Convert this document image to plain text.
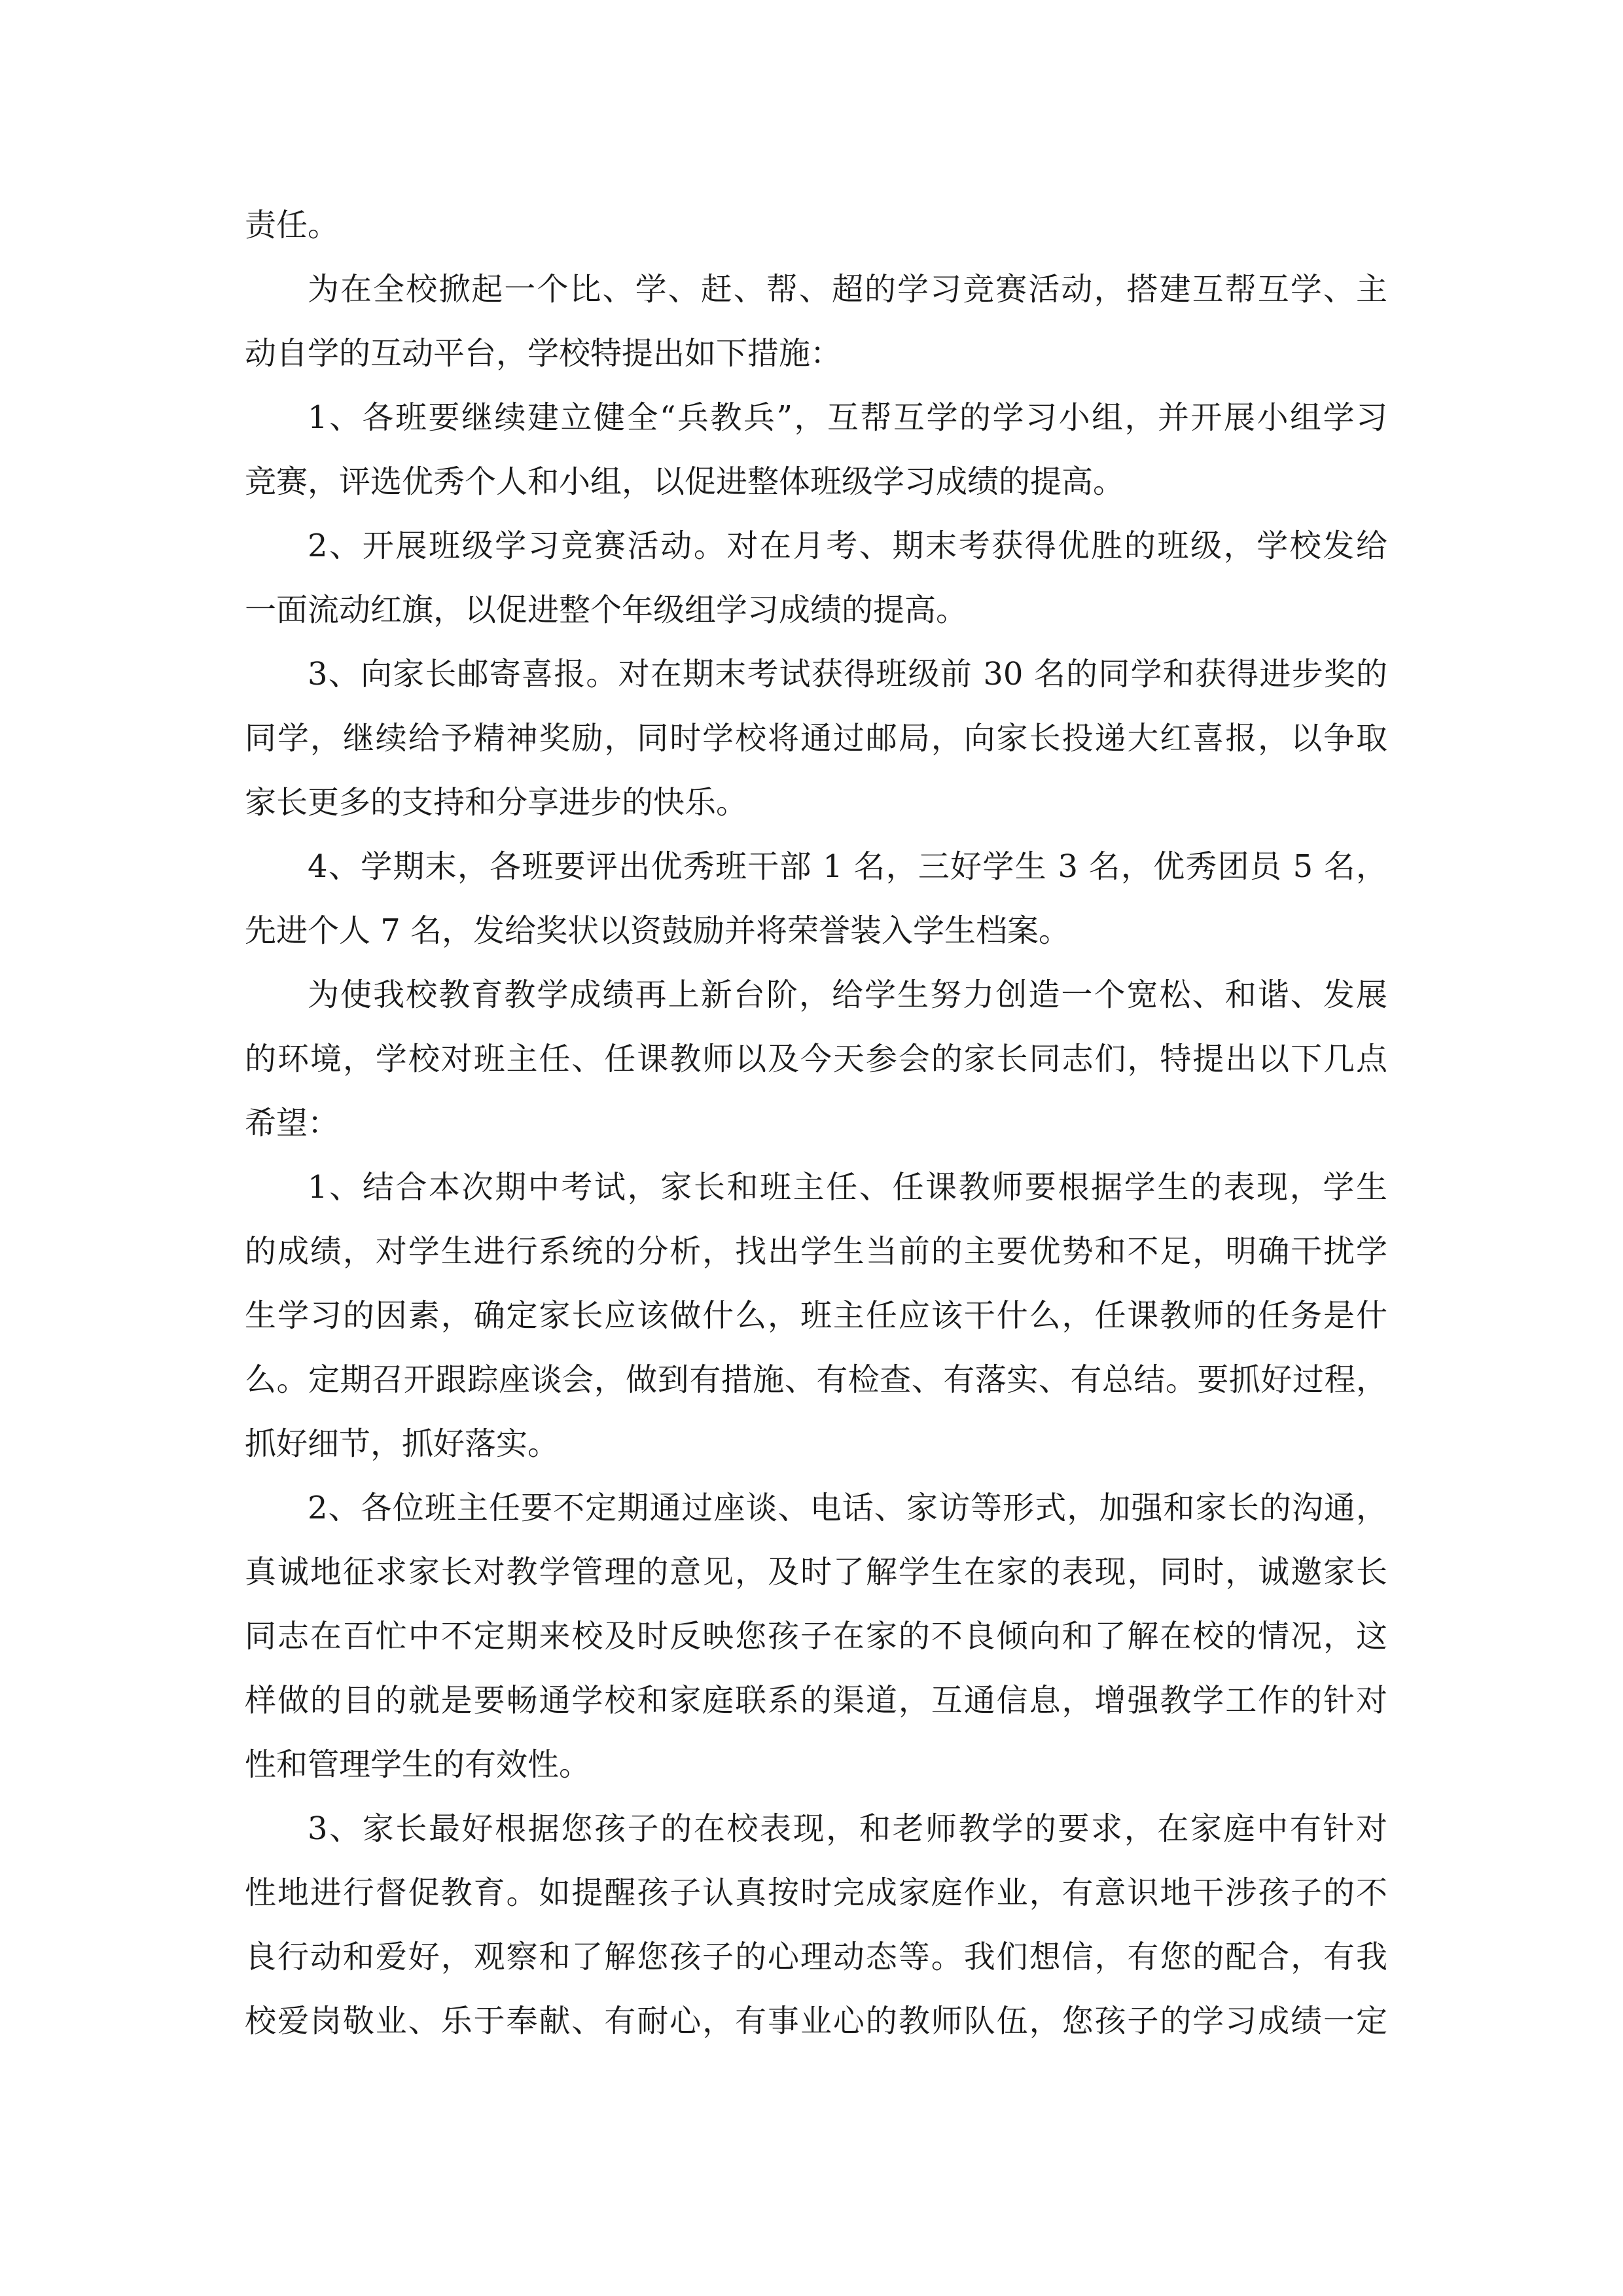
责任。
为在全校掀起一个比、学、赶、帮、超的学习竞赛活动，搭建互帮互学、主
动自学的互动平台，学校特提出如下措施：
1、各班要继续建立健全“兵教兵”，互帮互学的学习小组，并开展小组学习
竞赛，评选优秀个人和小组，以促进整体班级学习成绩的提高。
2、开展班级学习竞赛活动。对在月考、期末考获得优胜的班级，学校发给
一面流动红旗，以促进整个年级组学习成绩的提高。
3、向家长邮寄喜报。对在期末考试获得班级前 30 名的同学和获得进步奖的
同学，继续给予精神奖励，同时学校将通过邮局，向家长投递大红喜报，以争取
家长更多的支持和分享进步的快乐。
4、学期末，各班要评出优秀班干部 1 名，三好学生 3 名，优秀团员 5 名，
先进个人 7 名，发给奖状以资鼓励并将荣誉装入学生档案。
为使我校教育教学成绩再上新台阶，给学生努力创造一个宽松、和谐、发展
的环境，学校对班主任、任课教师以及今天参会的家长同志们，特提出以下几点
希望：
1、结合本次期中考试，家长和班主任、任课教师要根据学生的表现，学生
的成绩，对学生进行系统的分析，找出学生当前的主要优势和不足，明确干扰学
生学习的因素，确定家长应该做什么，班主任应该干什么，任课教师的任务是什
么。定期召开跟踪座谈会，做到有措施、有检查、有落实、有总结。要抓好过程，
抓好细节，抓好落实。
2、各位班主任要不定期通过座谈、电话、家访等形式，加强和家长的沟通，
真诚地征求家长对教学管理的意见，及时了解学生在家的表现，同时，诚邀家长
同志在百忙中不定期来校及时反映您孩子在家的不良倾向和了解在校的情况，这
样做的目的就是要畅通学校和家庭联系的渠道，互通信息，增强教学工作的针对
性和管理学生的有效性。
3、家长最好根据您孩子的在校表现，和老师教学的要求，在家庭中有针对
性地进行督促教育。如提醒孩子认真按时完成家庭作业，有意识地干涉孩子的不
良行动和爱好，观察和了解您孩子的心理动态等。我们想信，有您的配合，有我
校爱岗敬业、乐于奉献、有耐心，有事业心的教师队伍，您孩子的学习成绩一定
